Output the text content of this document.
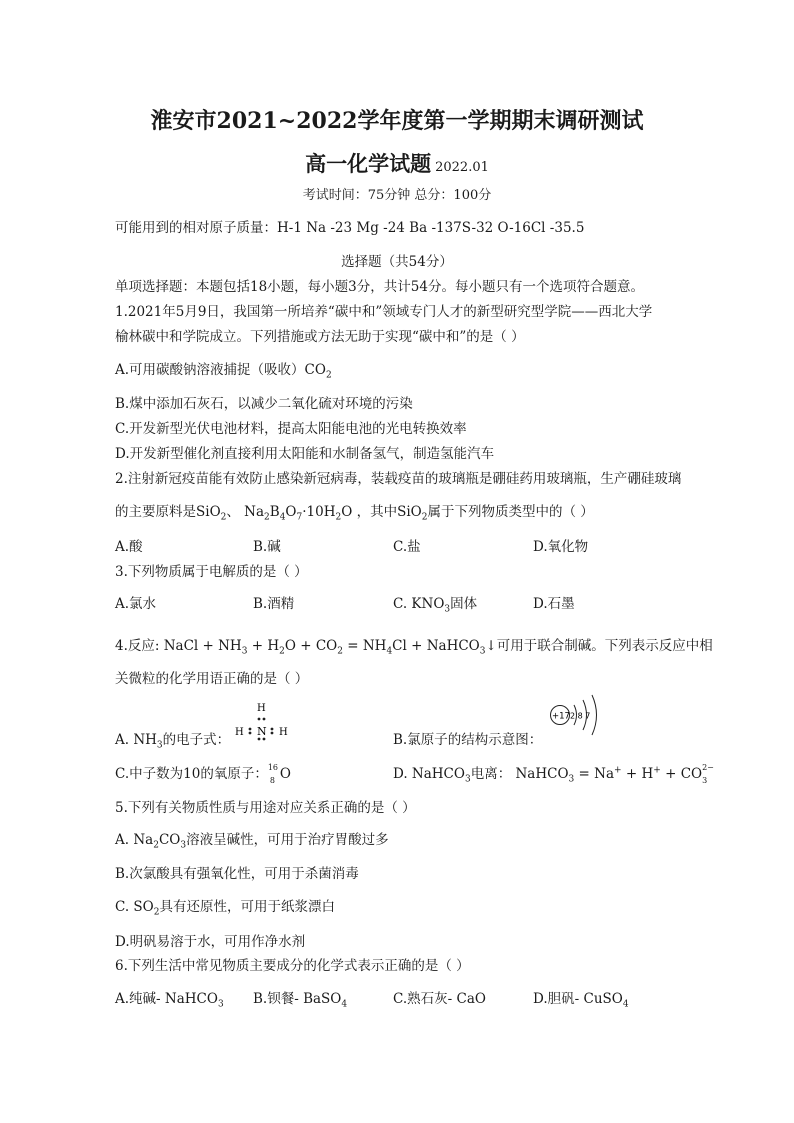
淮安市2021~2022学年度第一学期期末调研测试
高一化学试题 2022.01
考试时间：75分钟 总分：100分
可能用到的相对原子质量：H-1 Na -23 Mg -24 Ba -137S-32 O-16Cl -35.5
选择题（共54分）
单项选择题：本题包括18小题，每小题3分，共计54分。每小题只有一个选项符合题意。
1.2021年5月9日，我国第一所培养“碳中和”领域专门人才的新型研究型学院——西北大学
榆林碳中和学院成立。下列措施或方法无助于实现“碳中和”的是（ ）
A.可用碳酸钠溶液捕捉（吸收）$CO_2$
B.煤中添加石灰石，以减少二氧化硫对环境的污染
C.开发新型光伏电池材料，提高太阳能电池的光电转换效率
D.开发新型催化剂直接利用太阳能和水制备氢气，制造氢能汽车
2.注射新冠疫苗能有效防止感染新冠病毒，装载疫苗的玻璃瓶是硼硅药用玻璃瓶，生产硼硅玻璃
的主要原料是SiO$_2$、 $Na_2B_4O_7\cdot 10H_2O$ ，其中SiO$_2$属于下列物质类型中的（ ）
A.酸	B.碱	C.盐	D.氧化物
3.下列物质属于电解质的是（ ）
A.氯水	B.酒精	C. $KNO_3$固体	D.石墨
4.反应: NaCl + $NH_3 + H_2O + CO_2 = NH_4Cl$ + NaHCO$_3$↓可用于联合制碱。下列表示反应中相
关微粒的化学用语正确的是（ ）
A. $NH_3$的电子式：
H
H N H	B.氯原子的结构示意图：
+17 2 8 7
C.中子数为10的氧原子： 16
8 O	D. NaHCO$_3$电离： NaHCO$_3$ = Na+ + H+ + CO 2−
3
5.下列有关物质性质与用途对应关系正确的是（ ）
A. $Na_2CO_3$溶液呈碱性，可用于治疗胃酸过多
B.次氯酸具有强氧化性，可用于杀菌消毒
C. $SO_2$具有还原性，可用于纸浆漂白
D.明矾易溶于水，可用作净水剂
6.下列生活中常见物质主要成分的化学式表示正确的是（ ）
A.纯碱- NaHCO$_3$ B.钡餐- BaSO$_4$	C.熟石灰- CaO	D.胆矾- CuSO$_4$
